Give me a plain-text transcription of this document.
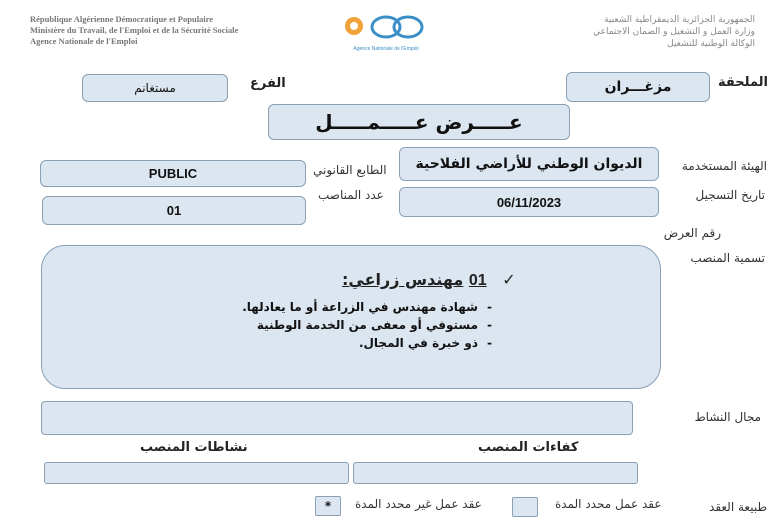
République Algérienne Démocratique et Populaire
Ministère du Travail, de l'Emploi et de la Sécurité Sociale
Agence Nationale de l'Emploi
Agence Nationale de l'Emploi
الجمهورية الجزائرية الديمقراطية الشعبية
وزارة العمل و التشغيل و الضمان الاجتماعي
الوكالة الوطنية للتشغيل
الملحقة
مزغـــران
الفرع
مستغانم
عـــــرض عـــــمـــــل
الهيئة المستخدمة
الديوان الوطني للأراضي الفلاحية
الطابع القانوني
PUBLIC
تاريخ التسجيل
06/11/2023
عدد المناصب
01
رقم العرض
تسمية المنصب
✓ 01 مهندس زراعي:
- شهادة مهندس في الزراعة أو ما يعادلها.
- مستوفي أو معفى من الخدمة الوطنية
- ذو خبرة في المجال.
مجال النشاط
نشاطات المنصب	كفاءات المنصب
طبيعة العقد
عقد عمل محدد المدة
عقد عمل غير محدد المدة
*
